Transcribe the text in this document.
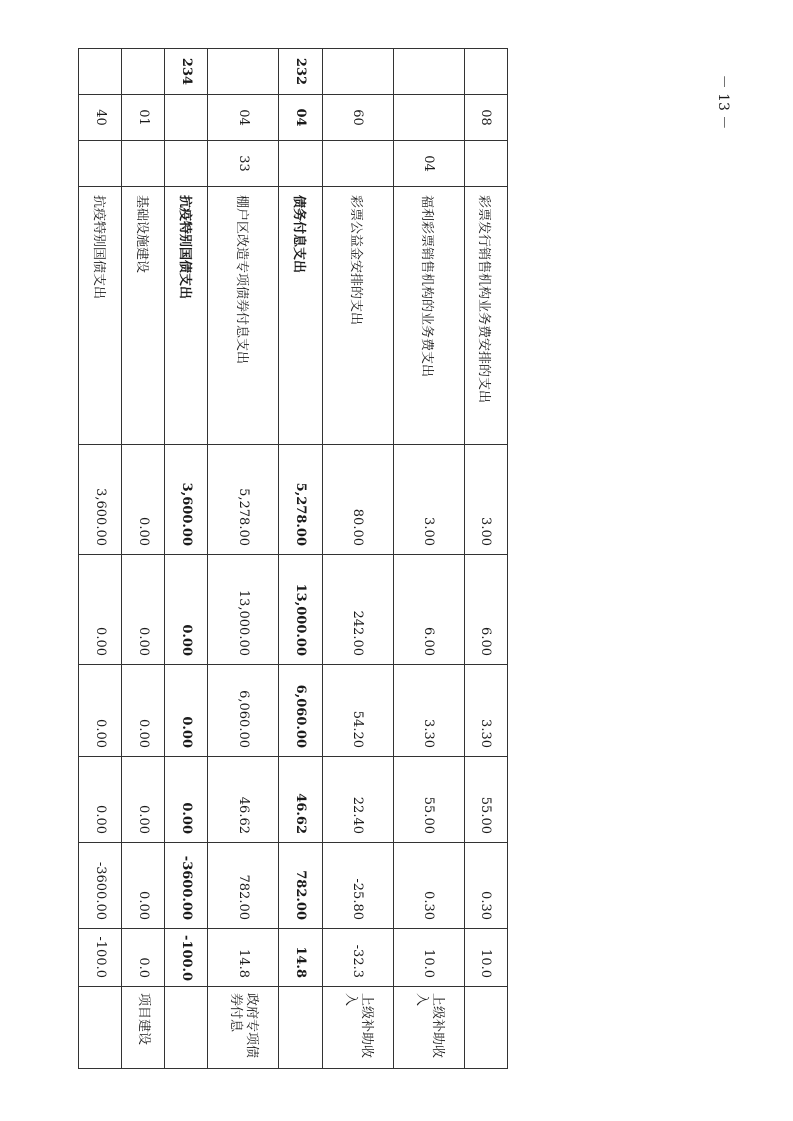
	08		彩票发行销售机构业务费安排的支出	3.00	6.00	3.30	55.00	0.30	10.0	
		04	福利彩票销售机构的业务费支出	3.00	6.00	3.30	55.00	0.30	10.0	上级补助收入
	60		彩票公益金安排的支出	80.00	242.00	54.20	22.40	-25.80	-32.3	上级补助收入
232	04		债务付息支出	5,278.00	13,000.00	6,060.00	46.62	782.00	14.8	
	04	33	棚户区改造专项债券付息支出	5,278.00	13,000.00	6,060.00	46.62	782.00	14.8	政府专项债券付息
234			抗疫特别国债支出	3,600.00	0.00	0.00	0.00	-3600.00	-100.0	
	01		基础设施建设	0.00	0.00	0.00	0.00	0.00	0.0	项目建设
	40		抗疫特别国债支出	3,600.00	0.00	0.00	0.00	-3600.00	-100.0	
－ 13 －
